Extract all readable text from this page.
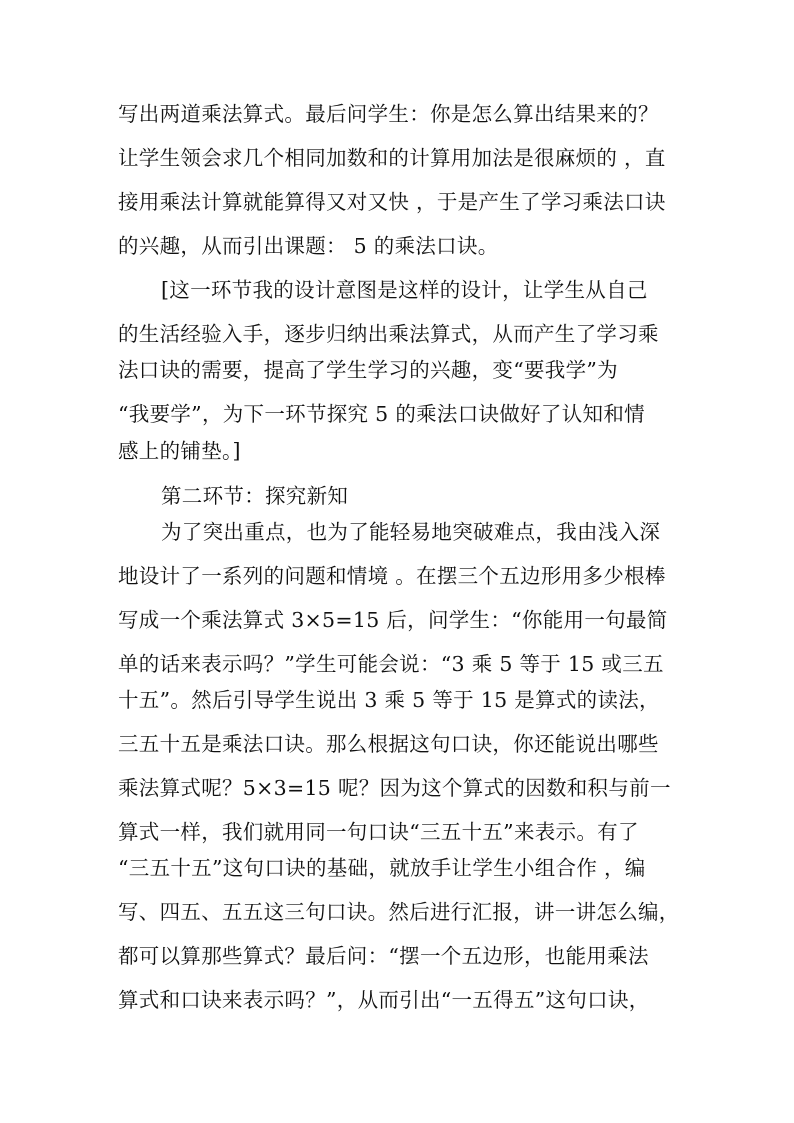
写出两道乘法算式。最后问学生：你是怎么算出结果来的？
让学生领会求几个相同加数和的计算用加法是很麻烦的 ，直
接用乘法计算就能算得又对又快 ，于是产生了学习乘法口诀
的兴趣，从而引出课题： 5 的乘法口诀。
[这一环节我的设计意图是这样的设计，让学生从自己
的生活经验入手，逐步归纳出乘法算式，从而产生了学习乘
法口诀的需要，提高了学生学习的兴趣，变“要我学”为
“我要学”，为下一环节探究 5 的乘法口诀做好了认知和情
感上的铺垫。]
第二环节：探究新知
为了突出重点，也为了能轻易地突破难点，我由浅入深
地设计了一系列的问题和情境 。在摆三个五边形用多少根棒
写成一个乘法算式 3×5=15 后，问学生：“你能用一句最简
单的话来表示吗？”学生可能会说：“3 乘 5 等于 15 或三五
十五”。然后引导学生说出 3 乘 5 等于 15 是算式的读法，
三五十五是乘法口诀。那么根据这句口诀，你还能说出哪些
乘法算式呢？5×3=15 呢？因为这个算式的因数和积与前一
算式一样，我们就用同一句口诀“三五十五”来表示。有了
“三五十五”这句口诀的基础，就放手让学生小组合作 ，编
写、四五、五五这三句口诀。然后进行汇报，讲一讲怎么编，
都可以算那些算式？最后问：“摆一个五边形，也能用乘法
算式和口诀来表示吗？”，从而引出“一五得五”这句口诀，
